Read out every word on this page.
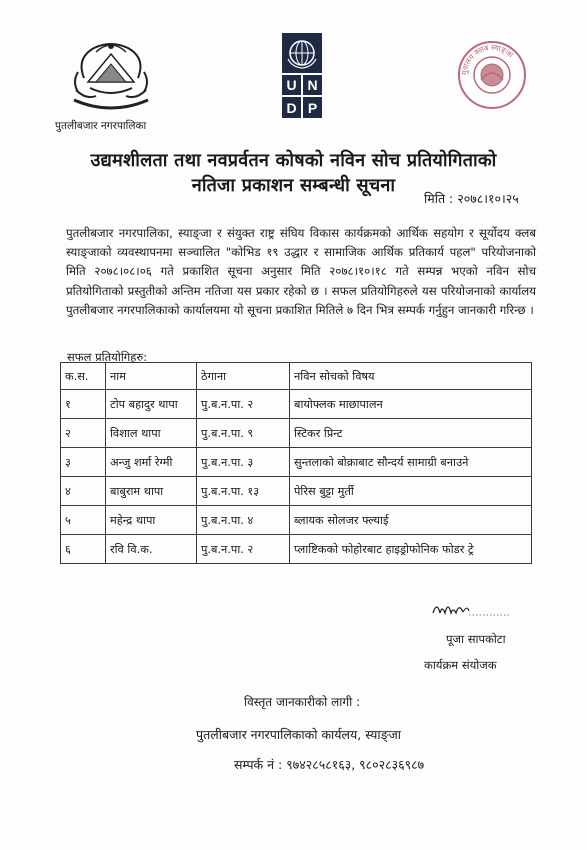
पुतलीबजार नगरपालिका
U N
D P
युवालय क्लब स्याङ्जा
उद्यमशीलता तथा नवप्रर्वतन कोषको नविन सोच प्रतियोगिताको
नतिजा प्रकाशन सम्बन्धी सूचना
मिति : २०७८।१०।२५
पुतलीबजार नगरपालिका, स्याङ्जा र संयुक्त राष्ट्र संघिय विकास कार्यक्रमको आर्थिक सहयोग र सूर्योदय क्लब स्याङ्जाको व्यवस्थापनमा सञ्चालित "कोभिड १९ उद्धार र सामाजिक आर्थिक प्रतिकार्य पहल" परियोजनाको मिति २०७८।०८।०६ गते प्रकाशित सूचना अनुसार मिति २०७८।१०।१८ गते सम्पन्न भएको नविन सोच प्रतियोगिताको प्रस्तुतीको अन्तिम नतिजा यस प्रकार रहेको छ । सफल प्रतियोगिहरुले यस परियोजनाको कार्यालय पुतलीबजार नगरपालिकाको कार्यालयमा यो सूचना प्रकाशित मितिले ७ दिन भित्र सम्पर्क गर्नुहुन जानकारी गरिन्छ ।
सफल प्रतियोगिहरु:
क.स.	नाम	ठेगाना	नविन सोचको विषय
१	टोप बहादुर थापा	पु.ब.न.पा. २	बायोफ्लक माछापालन
२	विशाल थापा	पु.ब.न.पा. ९	स्टिकर प्रिन्ट
३	अन्जु शर्मा रेग्मी	पु.ब.न.पा. ३	सुन्तलाको बोक्राबाट सौन्दर्य सामाग्री बनाउने
४	बाबुराम थापा	पु.ब.न.पा. १३	पेरिस बुट्टा मुर्ती
५	महेन्द्र थापा	पु.ब.न.पा. ४	ब्लायक सोलजर फ्ल्याई
६	रवि वि.क.	पु.ब.न.पा. २	प्लाष्टिकको फोहोरबाट हाइड्रोफोनिक फोडर ट्रे
पूजा सापकोटा
कार्यक्रम संयोजक
विस्तृत जानकारीको लागी :
पुतलीबजार नगरपालिकाको कार्यलय, स्याङ्जा
सम्पर्क नं : ९७४२८५८१६३, ९८०२८३६९८७
